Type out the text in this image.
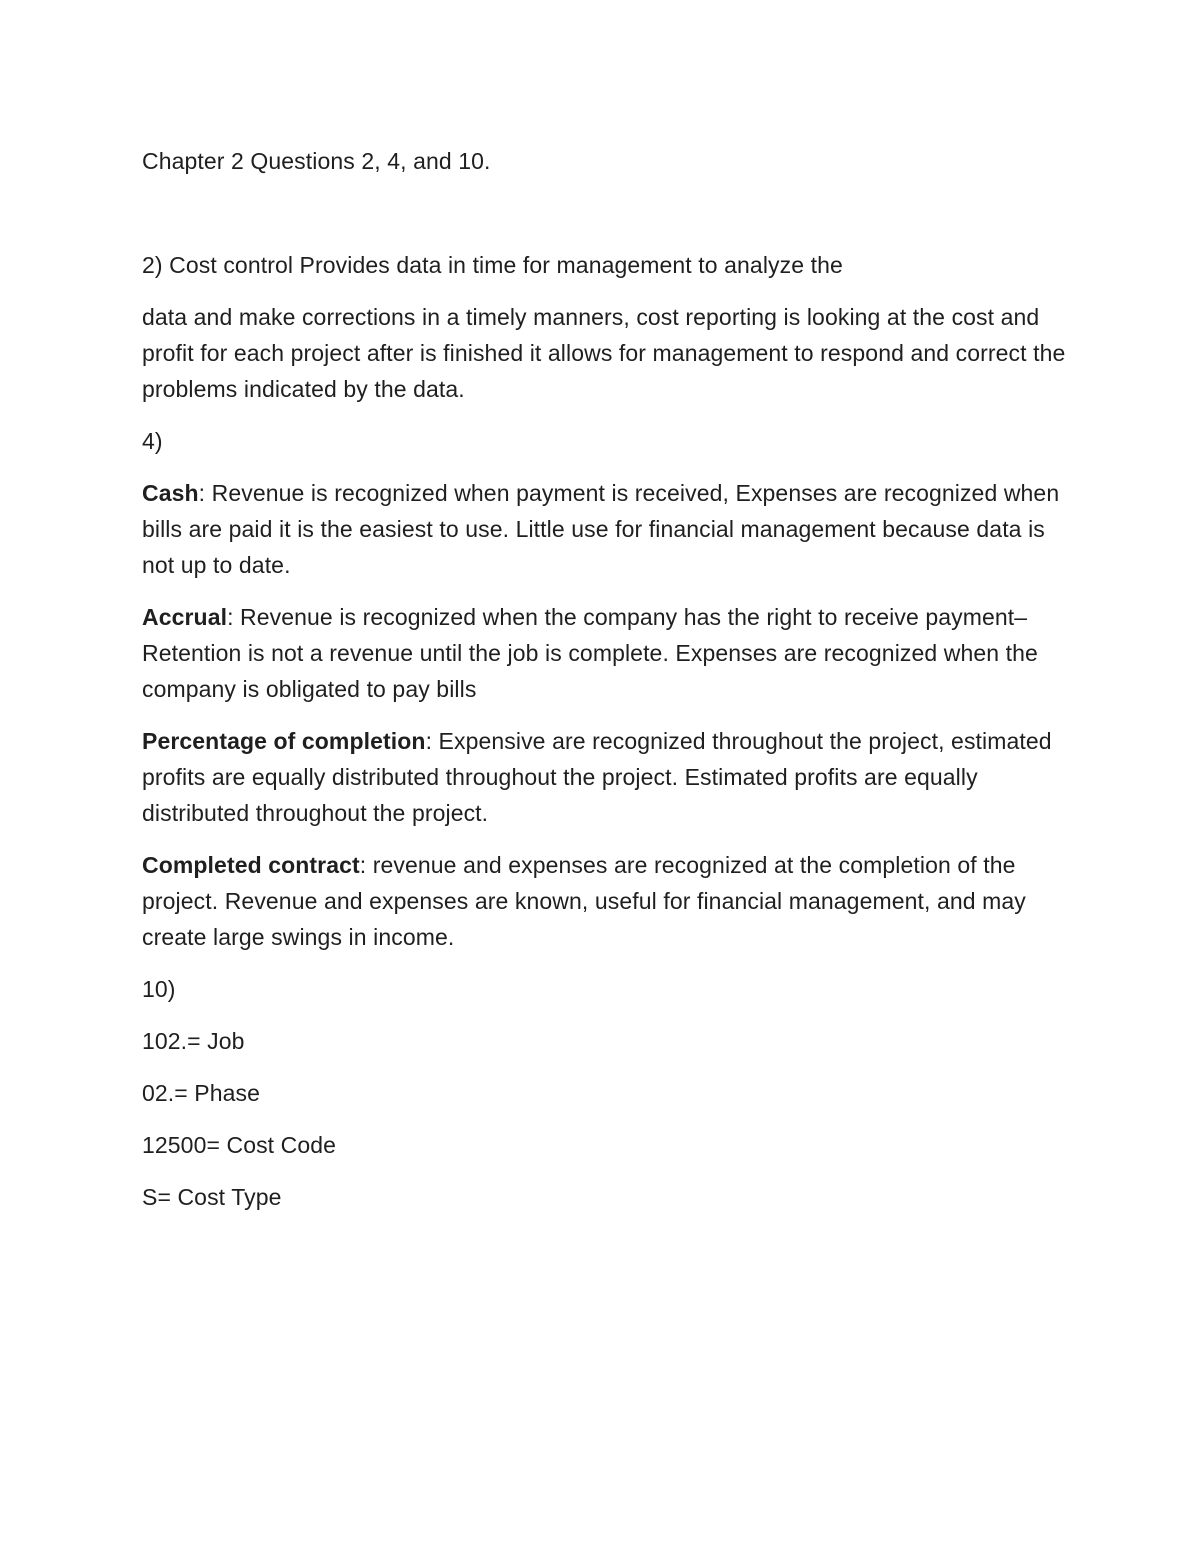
Chapter 2 Questions 2, 4, and 10.

2) Cost control Provides data in time for management to analyze the

data and make corrections in a timely manners, cost reporting is looking at the cost and profit for each project after is finished it allows for management to respond and correct the problems indicated by the data.

4)

Cash: Revenue is recognized when payment is received, Expenses are recognized when bills are paid it is the easiest to use. Little use for financial management because data is not up to date.

Accrual: Revenue is recognized when the company has the right to receive payment–Retention is not a revenue until the job is complete. Expenses are recognized when the company is obligated to pay bills

Percentage of completion: Expensive are recognized throughout the project, estimated profits are equally distributed throughout the project. Estimated profits are equally distributed throughout the project.

Completed contract: revenue and expenses are recognized at the completion of the project. Revenue and expenses are known, useful for financial management, and may create large swings in income.

10)

102.= Job

02.= Phase

12500= Cost Code

S= Cost Type
